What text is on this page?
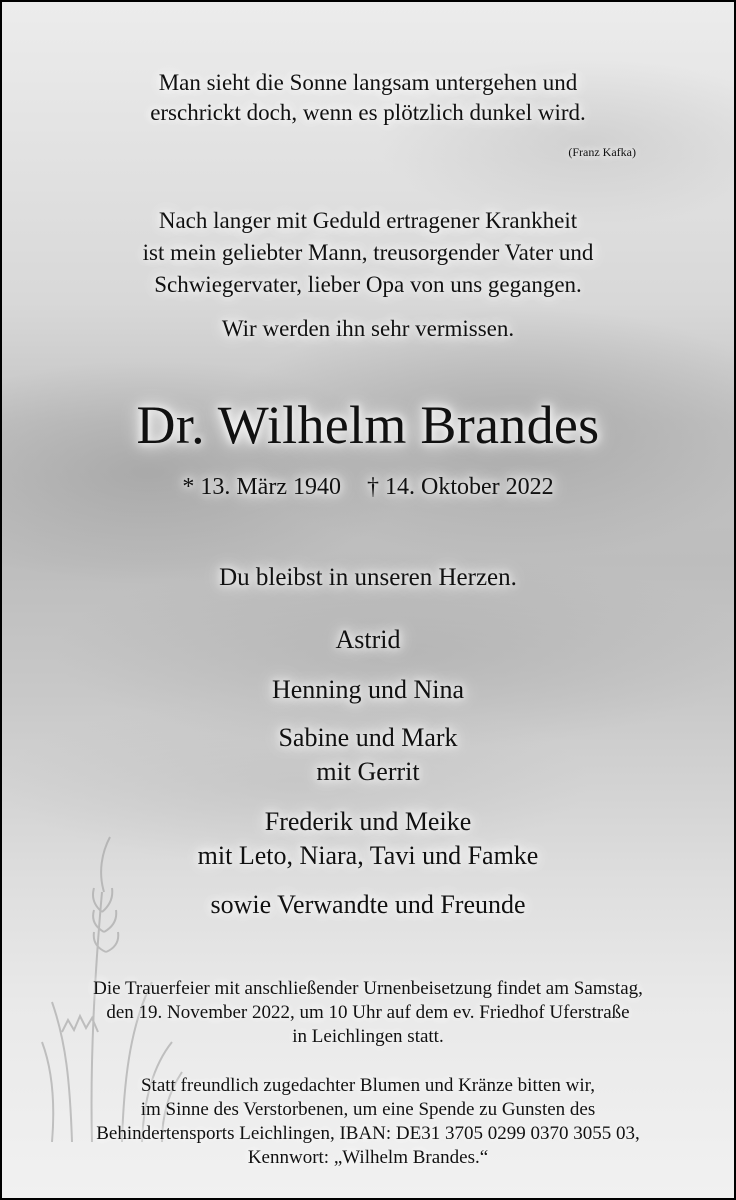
Man sieht die Sonne langsam untergehen und
erschrickt doch, wenn es plötzlich dunkel wird.
(Franz Kafka)
Nach langer mit Geduld ertragener Krankheit
ist mein geliebter Mann, treusorgender Vater und
Schwiegervater, lieber Opa von uns gegangen.
Wir werden ihn sehr vermissen.
Dr. Wilhelm Brandes
* 13. März 1940 † 14. Oktober 2022
Du bleibst in unseren Herzen.
Astrid
Henning und Nina
Sabine und Mark
mit Gerrit
Frederik und Meike
mit Leto, Niara, Tavi und Famke
sowie Verwandte und Freunde
Die Trauerfeier mit anschließender Urnenbeisetzung findet am Samstag,
den 19. November 2022, um 10 Uhr auf dem ev. Friedhof Uferstraße
in Leichlingen statt.
Statt freundlich zugedachter Blumen und Kränze bitten wir,
im Sinne des Verstorbenen, um eine Spende zu Gunsten des
Behindertensports Leichlingen, IBAN: DE31 3705 0299 0370 3055 03,
Kennwort: „Wilhelm Brandes.“
